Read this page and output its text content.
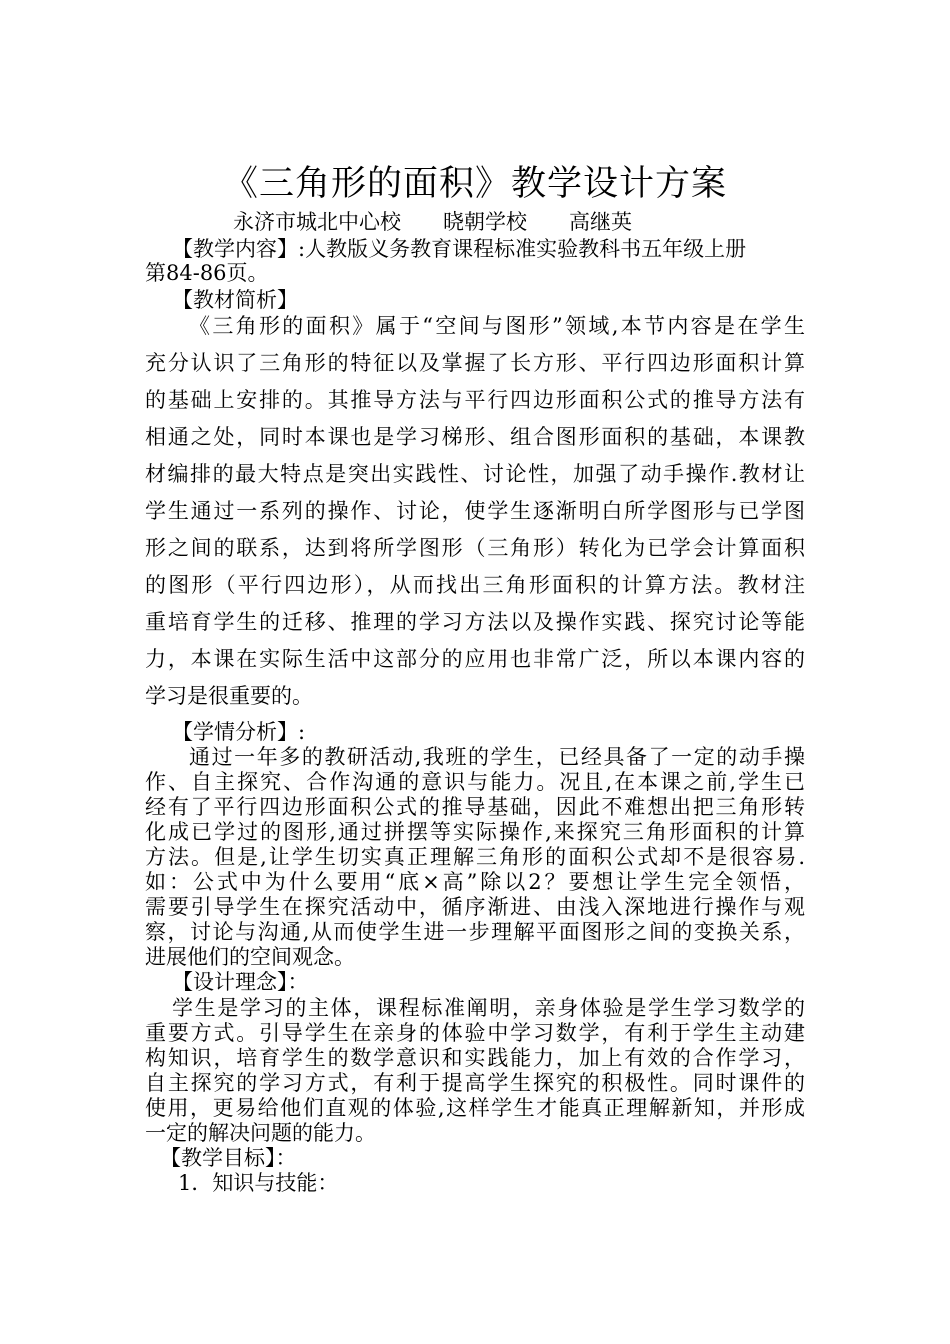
《三角形的面积》教学设计方案
永济市城北中心校　　晓朝学校　　高继英
【教学内容】:人教版义务教育课程标准实验教科书五年级上册
第84-86页。
【教材简析】
《三角形的面积》属于“空间与图形”领域,本节内容是在学生
充分认识了三角形的特征以及掌握了长方形、平行四边形面积计算
的基础上安排的。其推导方法与平行四边形面积公式的推导方法有
相通之处，同时本课也是学习梯形、组合图形面积的基础，本课教
材编排的最大特点是突出实践性、讨论性，加强了动手操作.教材让
学生通过一系列的操作、讨论，使学生逐渐明白所学图形与已学图
形之间的联系，达到将所学图形（三角形）转化为已学会计算面积
的图形（平行四边形），从而找出三角形面积的计算方法。教材注
重培育学生的迁移、推理的学习方法以及操作实践、探究讨论等能
力，本课在实际生活中这部分的应用也非常广泛，所以本课内容的
学习是很重要的。
【学情分析】:
通过一年多的教研活动,我班的学生，已经具备了一定的动手操
作、自主探究、合作沟通的意识与能力。况且,在本课之前,学生已
经有了平行四边形面积公式的推导基础，因此不难想出把三角形转
化成已学过的图形,通过拼摆等实际操作,来探究三角形面积的计算
方法。但是,让学生切实真正理解三角形的面积公式却不是很容易.
如：公式中为什么要用“底×高”除以2？要想让学生完全领悟，
需要引导学生在探究活动中，循序渐进、由浅入深地进行操作与观
察，讨论与沟通,从而使学生进一步理解平面图形之间的变换关系，
进展他们的空间观念。
【设计理念】：
学生是学习的主体，课程标准阐明，亲身体验是学生学习数学的
重要方式。引导学生在亲身的体验中学习数学，有利于学生主动建
构知识，培育学生的数学意识和实践能力，加上有效的合作学习，
自主探究的学习方式，有利于提高学生探究的积极性。同时课件的
使用，更易给他们直观的体验,这样学生才能真正理解新知，并形成
一定的解决问题的能力。
【教学目标】：
1．知识与技能：
